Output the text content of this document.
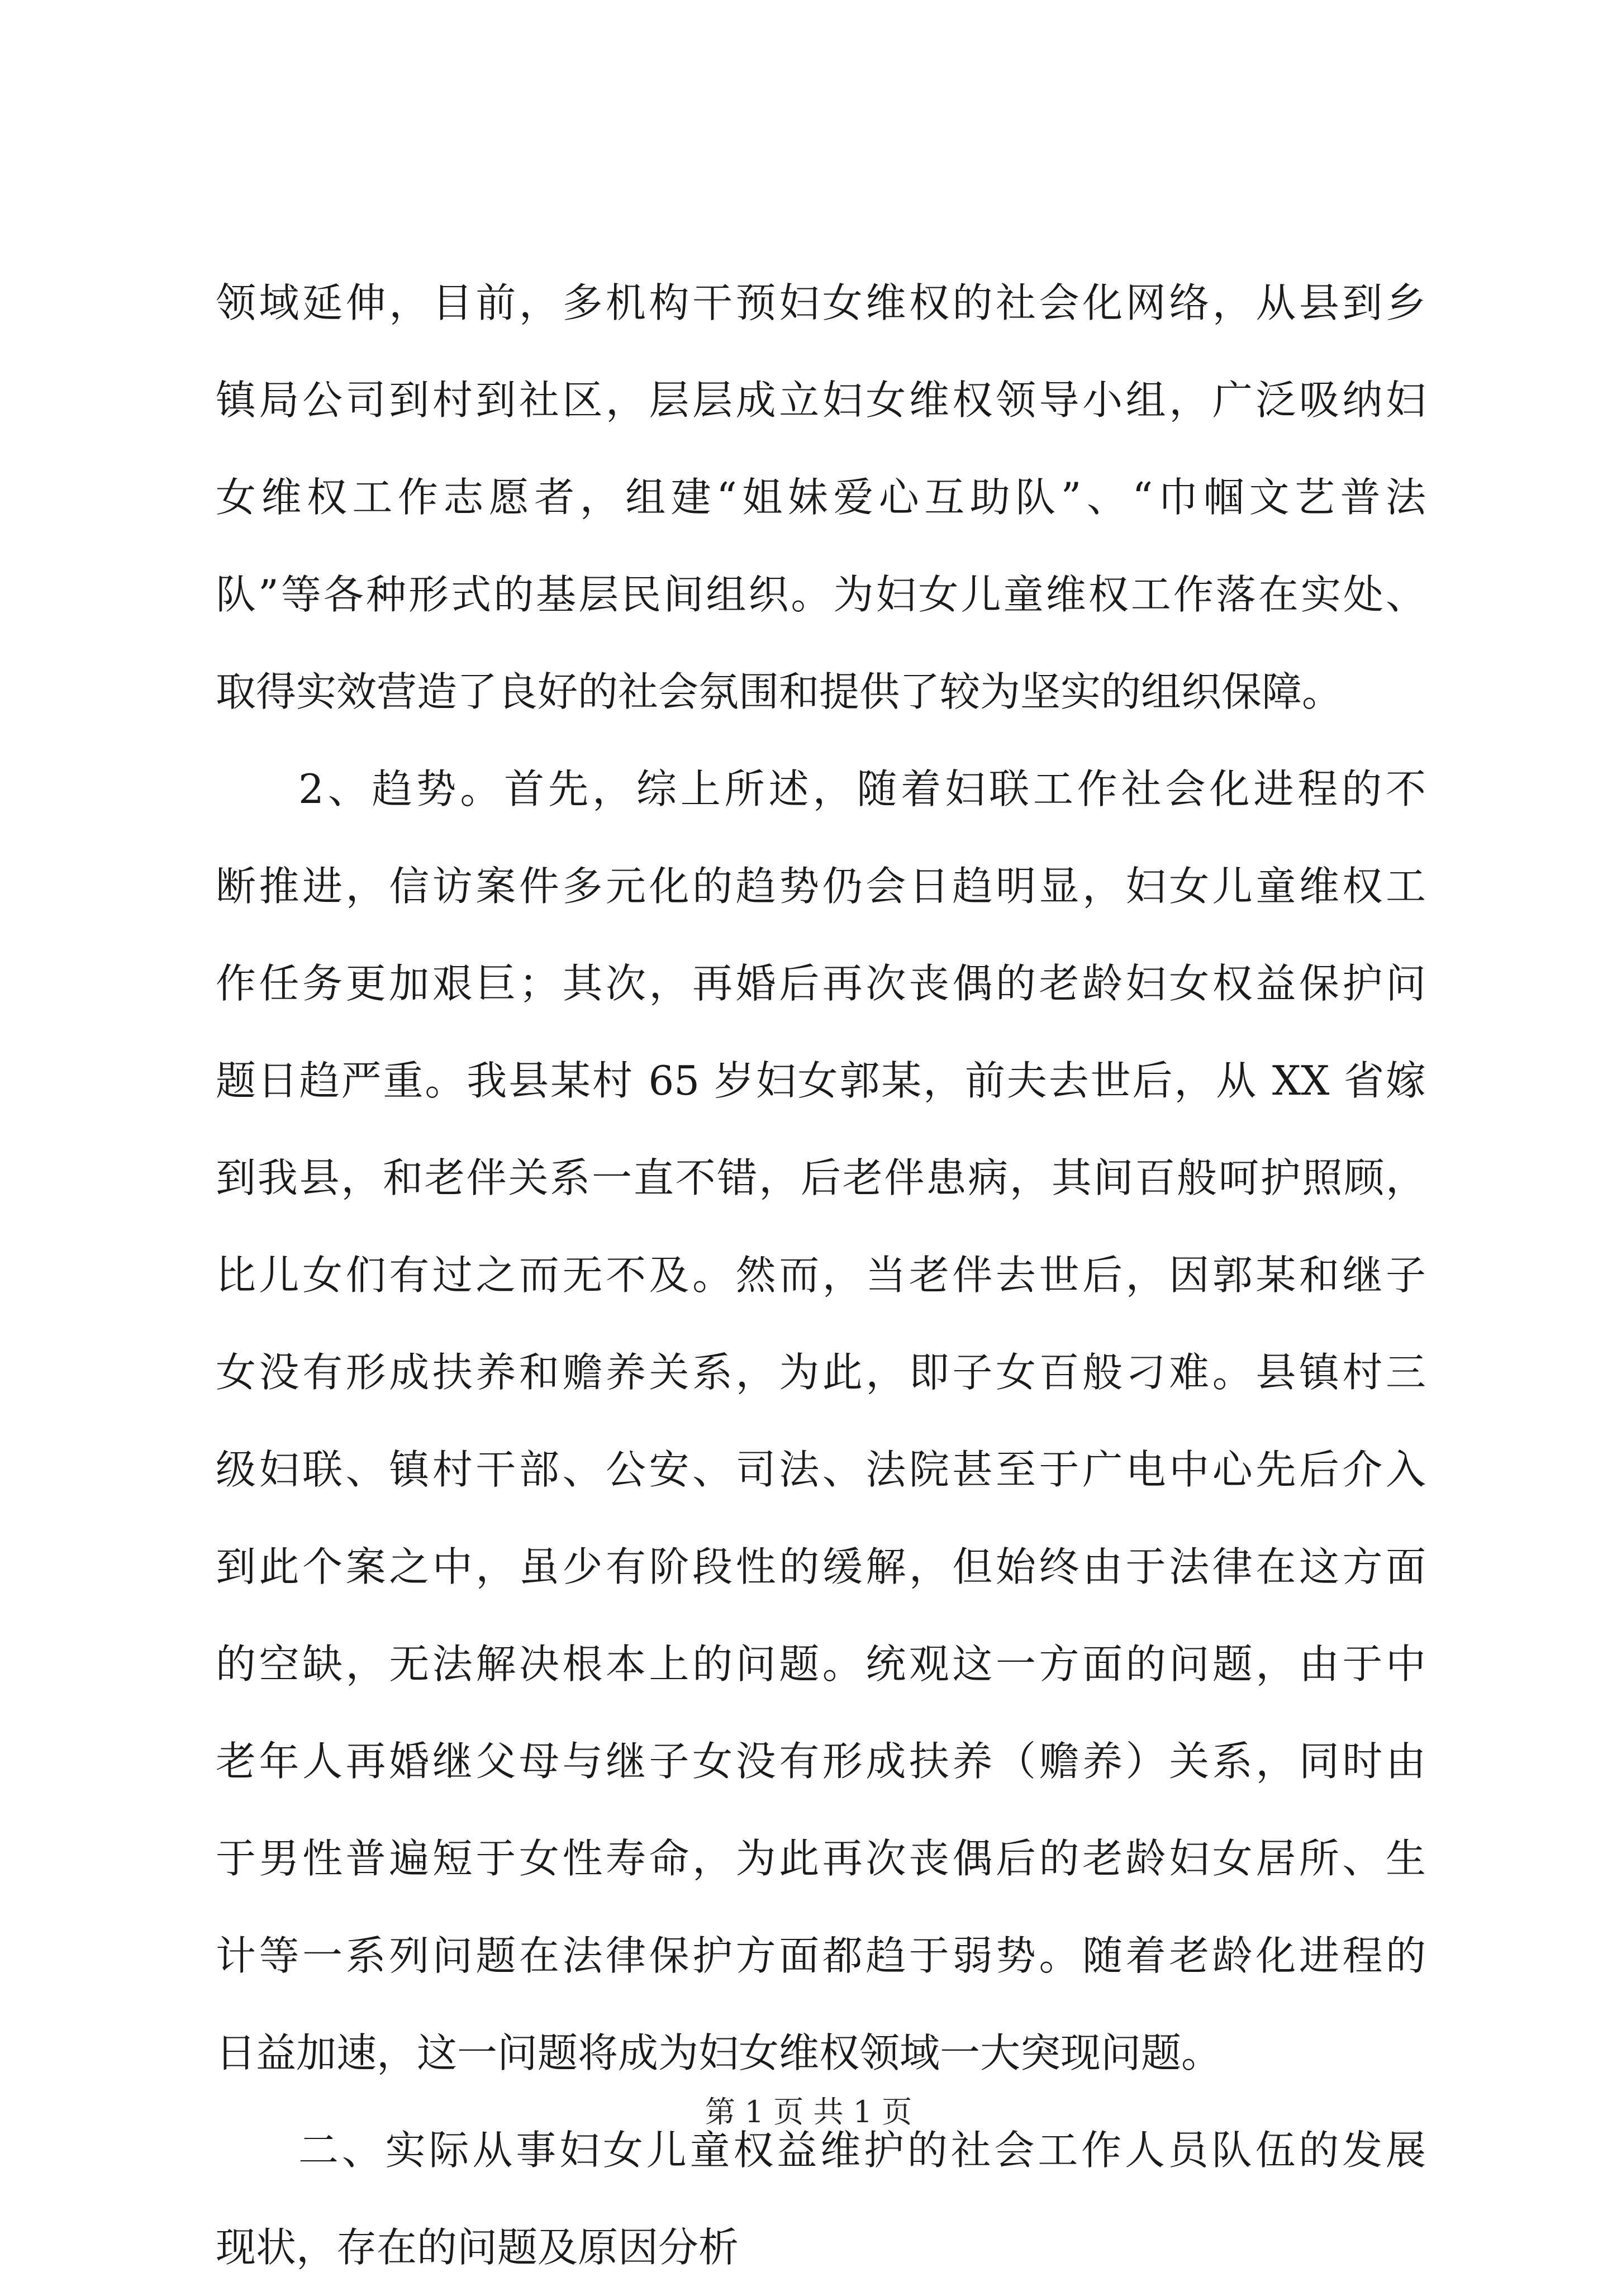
领域延伸，目前，多机构干预妇女维权的社会化网络，从县到乡
镇局公司到村到社区，层层成立妇女维权领导小组，广泛吸纳妇
女维权工作志愿者，组建“姐妹爱心互助队”、“巾帼文艺普法
队”等各种形式的基层民间组织。为妇女儿童维权工作落在实处、
取得实效营造了良好的社会氛围和提供了较为坚实的组织保障。
2、趋势。首先，综上所述，随着妇联工作社会化进程的不
断推进，信访案件多元化的趋势仍会日趋明显，妇女儿童维权工
作任务更加艰巨；其次，再婚后再次丧偶的老龄妇女权益保护问
题日趋严重。我县某村 65 岁妇女郭某，前夫去世后，从 XX 省嫁
到我县，和老伴关系一直不错，后老伴患病，其间百般呵护照顾，
比儿女们有过之而无不及。然而，当老伴去世后，因郭某和继子
女没有形成扶养和赡养关系，为此，即子女百般刁难。县镇村三
级妇联、镇村干部、公安、司法、法院甚至于广电中心先后介入
到此个案之中，虽少有阶段性的缓解，但始终由于法律在这方面
的空缺，无法解决根本上的问题。统观这一方面的问题，由于中
老年人再婚继父母与继子女没有形成扶养（赡养）关系，同时由
于男性普遍短于女性寿命，为此再次丧偶后的老龄妇女居所、生
计等一系列问题在法律保护方面都趋于弱势。随着老龄化进程的
日益加速，这一问题将成为妇女维权领域一大突现问题。
二、实际从事妇女儿童权益维护的社会工作人员队伍的发展
现状，存在的问题及原因分析
第 1 页 共 1 页
